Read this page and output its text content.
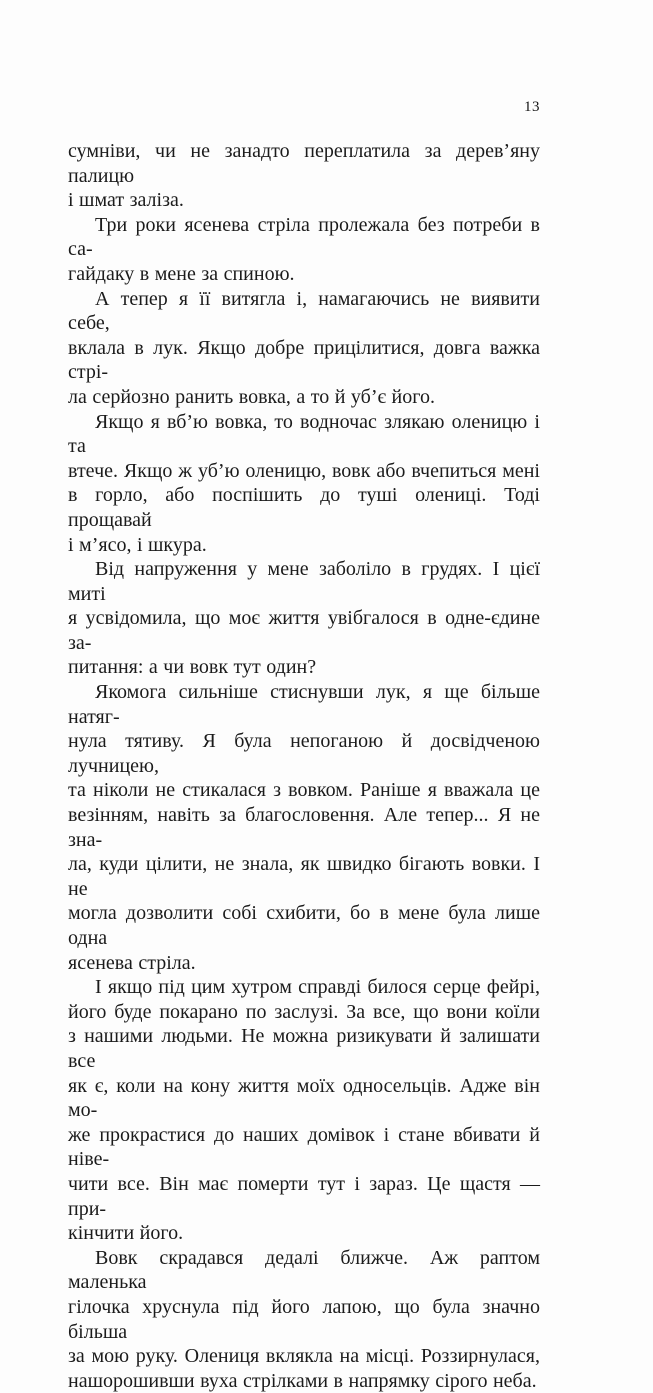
13
сумніви, чи не занадто переплатила за дерев’яну палицю
і шмат заліза.
Три роки ясенева стріла пролежала без потреби в са-
гайдаку в мене за спиною.
А тепер я її витягла і, намагаючись не виявити себе,
вклала в лук. Якщо добре прицілитися, довга важка стрі-
ла серйозно ранить вовка, а то й уб’є його.
Якщо я вб’ю вовка, то водночас злякаю оленицю і та
втече. Якщо ж уб’ю оленицю, вовк або вчепиться мені
в горло, або поспішить до туші олениці. Тоді прощавай
і м’ясо, і шкура.
Від напруження у мене заболіло в грудях. І цієї миті
я усвідомила, що моє життя увібгалося в одне-єдине за-
питання: а чи вовк тут один?
Якомога сильніше стиснувши лук, я ще більше натяг-
нула тятиву. Я була непоганою й досвідченою лучницею,
та ніколи не стикалася з вовком. Раніше я вважала це
везінням, навіть за благословення. Але тепер... Я не зна-
ла, куди цілити, не знала, як швидко бігають вовки. І не
могла дозволити собі схибити, бо в мене була лише одна
ясенева стріла.
І якщо під цим хутром справді билося серце фейрі,
його буде покарано по заслузі. За все, що вони коїли
з нашими людьми. Не можна ризикувати й залишати все
як є, коли на кону життя моїх односельців. Адже він мо-
же прокрастися до наших домівок і стане вбивати й ніве-
чити все. Він має померти тут і зараз. Це щастя — при-
кінчити його.
Вовк скрадався дедалі ближче. Аж раптом маленька
гілочка хруснула під його лапою, що була значно більша
за мою руку. Олениця вклякла на місці. Роззирнулася,
нашорошивши вуха стрілками в напрямку сірого неба.
